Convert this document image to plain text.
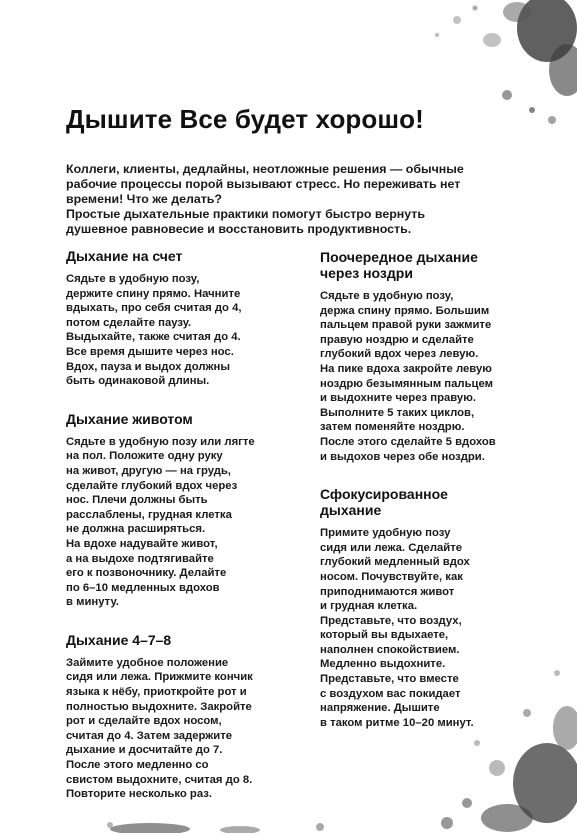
Дышите Все будет хорошо!

Коллеги, клиенты, дедлайны, неотложные решения — обычные
рабочие процессы порой вызывают стресс. Но переживать нет
времени! Что же делать?

Простые дыхательные практики помогут быстро вернуть
душевное равновесие и восстановить продуктивность.

Дыхание на счет

Сядьте в удобную позу,
держите спину прямо. Начните
вдыхать, про себя считая до 4,
потом сделайте паузу.
Выдыхайте, также считая до 4.
Все время дышите через нос.
Вдох, пауза и выдох должны
быть одинаковой длины.

Дыхание животом

Сядьте в удобную позу или лягте
на пол. Положите одну руку
на живот, другую — на грудь,
сделайте глубокий вдох через
нос. Плечи должны быть
расслаблены, грудная клетка
не должна расширяться.
На вдохе надувайте живот,
а на выдохе подтягивайте
его к позвоночнику. Делайте
по 6–10 медленных вдохов
в минуту.

Дыхание 4–7–8

Займите удобное положение
сидя или лежа. Прижмите кончик
языка к нёбу, приоткройте рот и
полностью выдохните. Закройте
рот и сделайте вдох носом,
считая до 4. Затем задержите
дыхание и досчитайте до 7.
После этого медленно со
свистом выдохните, считая до 8.
Повторите несколько раз.

Поочередное дыхание
через ноздри

Сядьте в удобную позу,
держа спину прямо. Большим
пальцем правой руки зажмите
правую ноздрю и сделайте
глубокий вдох через левую.
На пике вдоха закройте левую
ноздрю безымянным пальцем
и выдохните через правую.
Выполните 5 таких циклов,
затем поменяйте ноздрю.
После этого сделайте 5 вдохов
и выдохов через обе ноздри.

Сфокусированное
дыхание

Примите удобную позу
сидя или лежа. Сделайте
глубокий медленный вдох
носом. Почувствуйте, как
приподнимаются живот
и грудная клетка.
Представьте, что воздух,
который вы вдыхаете,
наполнен спокойствием.
Медленно выдохните.
Представьте, что вместе
с воздухом вас покидает
напряжение. Дышите
в таком ритме 10–20 минут.
